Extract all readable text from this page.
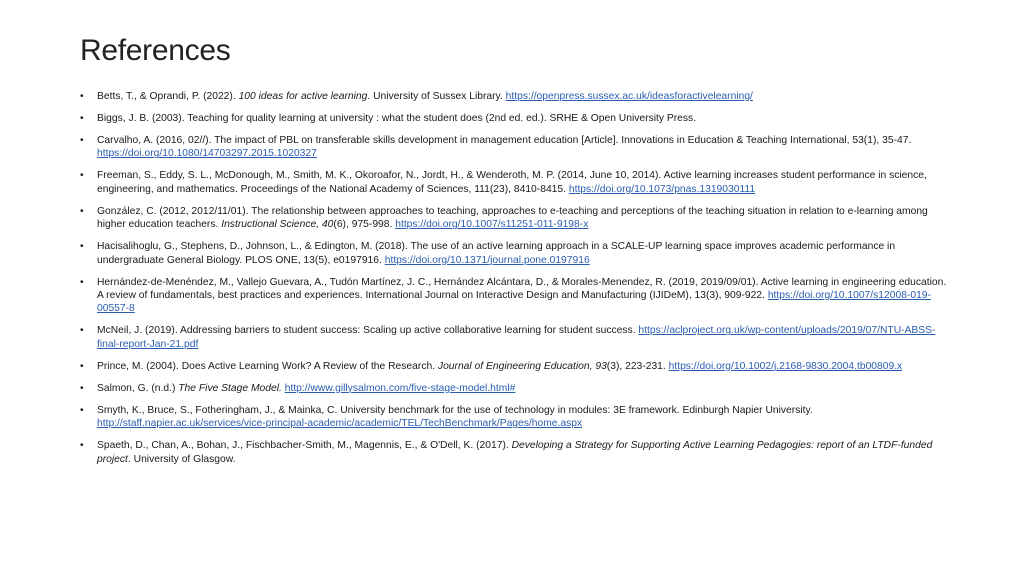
References
• Betts, T., & Oprandi, P. (2022). 100 ideas for active learning. University of Sussex Library. https://openpress.sussex.ac.uk/ideasforactivelearning/
• Biggs, J. B. (2003). Teaching for quality learning at university : what the student does (2nd ed. ed.). SRHE & Open University Press.
• Carvalho, A. (2016, 02//). The impact of PBL on transferable skills development in management education [Article]. Innovations in Education & Teaching International, 53(1), 35-47. https://doi.org/10.1080/14703297.2015.1020327
• Freeman, S., Eddy, S. L., McDonough, M., Smith, M. K., Okoroafor, N., Jordt, H., & Wenderoth, M. P. (2014, June 10, 2014). Active learning increases student performance in science, engineering, and mathematics. Proceedings of the National Academy of Sciences, 111(23), 8410-8415. https://doi.org/10.1073/pnas.1319030111
• González, C. (2012, 2012/11/01). The relationship between approaches to teaching, approaches to e-teaching and perceptions of the teaching situation in relation to e-learning among higher education teachers. Instructional Science, 40(6), 975-998. https://doi.org/10.1007/s11251-011-9198-x
• Hacisalihoglu, G., Stephens, D., Johnson, L., & Edington, M. (2018). The use of an active learning approach in a SCALE-UP learning space improves academic performance in undergraduate General Biology. PLOS ONE, 13(5), e0197916. https://doi.org/10.1371/journal.pone.0197916
• Hernández-de-Menéndez, M., Vallejo Guevara, A., Tudón Martínez, J. C., Hernández Alcántara, D., & Morales-Menendez, R. (2019, 2019/09/01). Active learning in engineering education. A review of fundamentals, best practices and experiences. International Journal on Interactive Design and Manufacturing (IJIDeM), 13(3), 909-922. https://doi.org/10.1007/s12008-019-00557-8
• McNeil, J. (2019). Addressing barriers to student success: Scaling up active collaborative learning for student success. https://aclproject.org.uk/wp-content/uploads/2019/07/NTU-ABSS-final-report-Jan-21.pdf
• Prince, M. (2004). Does Active Learning Work? A Review of the Research. Journal of Engineering Education, 93(3), 223-231. https://doi.org/10.1002/j.2168-9830.2004.tb00809.x
• Salmon, G. (n.d.) The Five Stage Model. http://www.gillysalmon.com/five-stage-model.html#
• Smyth, K., Bruce, S., Fotheringham, J., & Mainka, C. University benchmark for the use of technology in modules: 3E framework. Edinburgh Napier University. http://staff.napier.ac.uk/services/vice-principal-academic/academic/TEL/TechBenchmark/Pages/home.aspx
• Spaeth, D., Chan, A., Bohan, J., Fischbacher-Smith, M., Magennis, E., & O'Dell, K. (2017). Developing a Strategy for Supporting Active Learning Pedagogies: report of an LTDF-funded project. University of Glasgow.
